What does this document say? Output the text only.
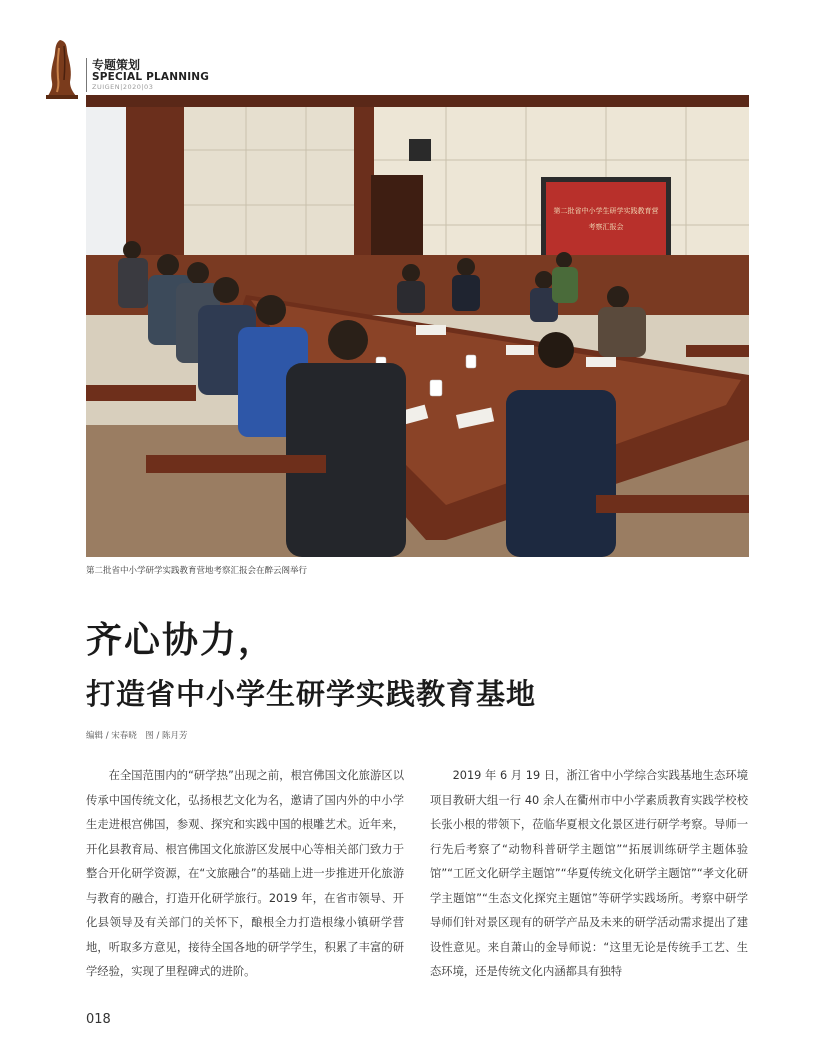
专题策划
SPECIAL PLANNING
ZUIGEN|2020|03
第二批省中小学生研学实践教育营
考察汇报会
第二批省中小学研学实践教育营地考察汇报会在醉云阁举行
齐心协力，
打造省中小学生研学实践教育基地
编辑 / 宋春晓　图 / 陈月芳

在全国范围内的“研学热”出现之前，根宫佛国文化旅游区以传承中国传统文化，弘扬根艺文化为名，邀请了国内外的中小学生走进根宫佛国，参观、探究和实践中国的根雕艺术。近年来，开化县教育局、根宫佛国文化旅游区发展中心等相关部门致力于整合开化研学资源，在“文旅融合”的基础上进一步推进开化旅游与教育的融合，打造开化研学旅行。2019 年，在省市领导、开化县领导及有关部门的关怀下，酿根全力打造根缘小镇研学营地，听取多方意见，接待全国各地的研学学生，积累了丰富的研学经验，实现了里程碑式的进阶。

2019 年 6 月 19 日，浙江省中小学综合实践基地生态环境项目教研大组一行 40 余人在衢州市中小学素质教育实践学校校长张小根的带领下，莅临华夏根文化景区进行研学考察。导师一行先后考察了“动物科普研学主题馆”“拓展训练研学主题体验馆”“工匠文化研学主题馆”“华夏传统文化研学主题馆”“孝文化研学主题馆”“生态文化探究主题馆”等研学实践场所。考察中研学导师们针对景区现有的研学产品及未来的研学活动需求提出了建设性意见。来自萧山的金导师说：“这里无论是传统手工艺、生态环境，还是传统文化内涵都具有独特

018
